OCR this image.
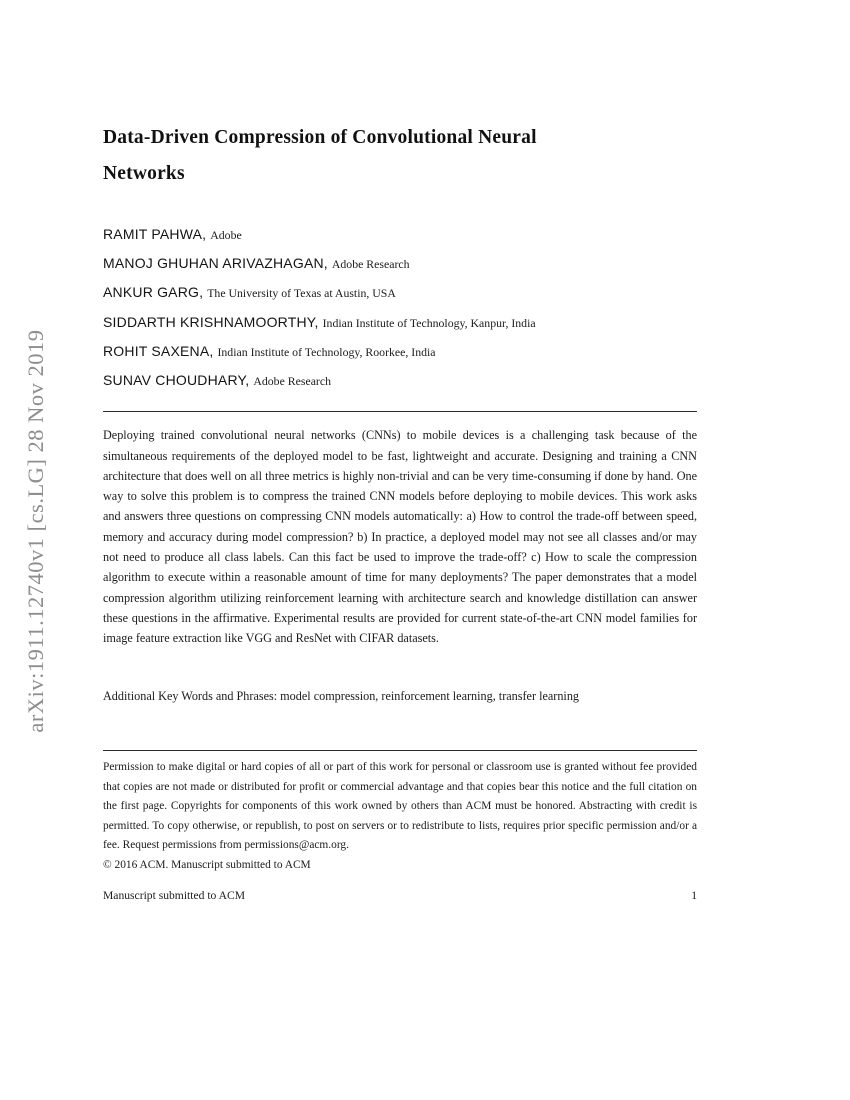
arXiv:1911.12740v1 [cs.LG] 28 Nov 2019
Data-Driven Compression of Convolutional Neural
Networks
RAMIT PAHWA, Adobe
MANOJ GHUHAN ARIVAZHAGAN, Adobe Research
ANKUR GARG, The University of Texas at Austin, USA
SIDDARTH KRISHNAMOORTHY, Indian Institute of Technology, Kanpur, India
ROHIT SAXENA, Indian Institute of Technology, Roorkee, India
SUNAV CHOUDHARY, Adobe Research

Deploying trained convolutional neural networks (CNNs) to mobile devices is a challenging task because of the simultaneous requirements of the deployed model to be fast, lightweight and accurate. Designing and training a CNN architecture that does well on all three metrics is highly non-trivial and can be very time-consuming if done by hand. One way to solve this problem is to compress the trained CNN models before deploying to mobile devices. This work asks and answers three questions on compressing CNN models automatically: a) How to control the trade-off between speed, memory and accuracy during model compression? b) In practice, a deployed model may not see all classes and/or may not need to produce all class labels. Can this fact be used to improve the trade-off? c) How to scale the compression algorithm to execute within a reasonable amount of time for many deployments? The paper demonstrates that a model compression algorithm utilizing reinforcement learning with architecture search and knowledge distillation can answer these questions in the affirmative. Experimental results are provided for current state-of-the-art CNN model families for image feature extraction like VGG and ResNet with CIFAR datasets.

Additional Key Words and Phrases: model compression, reinforcement learning, transfer learning

Permission to make digital or hard copies of all or part of this work for personal or classroom use is granted without fee provided that copies are not made or distributed for profit or commercial advantage and that copies bear this notice and the full citation on the first page. Copyrights for components of this work owned by others than ACM must be honored. Abstracting with credit is permitted. To copy otherwise, or republish, to post on servers or to redistribute to lists, requires prior specific permission and/or a fee. Request permissions from permissions@acm.org.

© 2016 ACM. Manuscript submitted to ACM

Manuscript submitted to ACM	1
